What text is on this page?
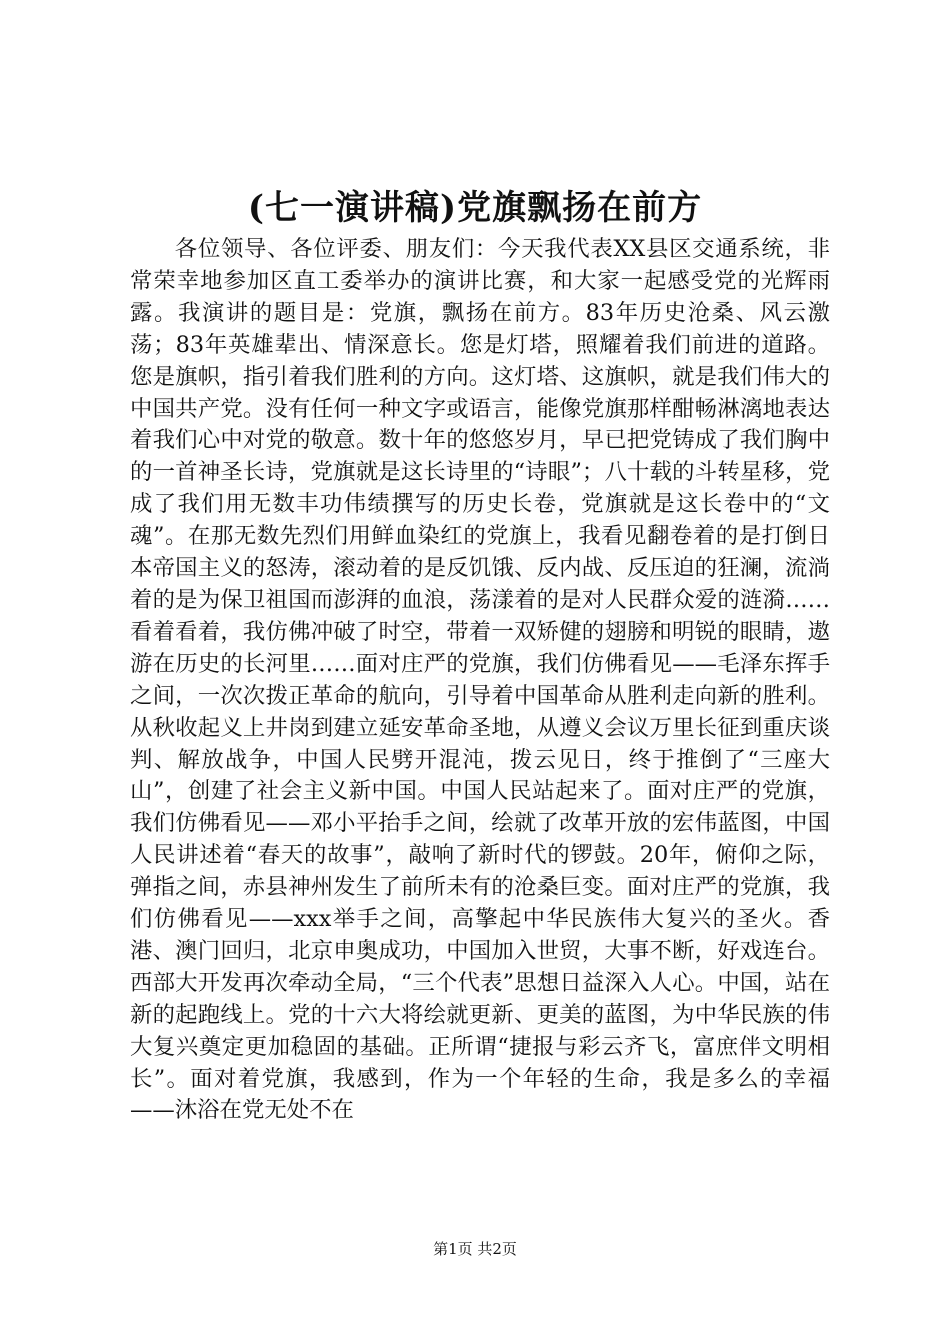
(七一演讲稿)党旗飘扬在前方

各位领导、各位评委、朋友们：今天我代表XX县区交通系统，非常荣幸地参加区直工委举办的演讲比赛，和大家一起感受党的光辉雨露。我演讲的题目是：党旗，飘扬在前方。83年历史沧桑、风云激荡；83年英雄辈出、情深意长。您是灯塔，照耀着我们前进的道路。您是旗帜，指引着我们胜利的方向。这灯塔、这旗帜，就是我们伟大的中国共产党。没有任何一种文字或语言，能像党旗那样酣畅淋漓地表达着我们心中对党的敬意。数十年的悠悠岁月，早已把党铸成了我们胸中的一首神圣长诗，党旗就是这长诗里的“诗眼”；八十载的斗转星移，党成了我们用无数丰功伟绩撰写的历史长卷，党旗就是这长卷中的“文魂”。在那无数先烈们用鲜血染红的党旗上，我看见翻卷着的是打倒日本帝国主义的怒涛，滚动着的是反饥饿、反内战、反压迫的狂澜，流淌着的是为保卫祖国而澎湃的血浪，荡漾着的是对人民群众爱的涟漪……看着看着，我仿佛冲破了时空，带着一双矫健的翅膀和明锐的眼睛，遨游在历史的长河里……面对庄严的党旗，我们仿佛看见——毛泽东挥手之间，一次次拨正革命的航向，引导着中国革命从胜利走向新的胜利。从秋收起义上井岗到建立延安革命圣地，从遵义会议万里长征到重庆谈判、解放战争，中国人民劈开混沌，拨云见日，终于推倒了“三座大山”，创建了社会主义新中国。中国人民站起来了。面对庄严的党旗，我们仿佛看见——邓小平抬手之间，绘就了改革开放的宏伟蓝图，中国人民讲述着“春天的故事”，敲响了新时代的锣鼓。20年，俯仰之际，弹指之间，赤县神州发生了前所未有的沧桑巨变。面对庄严的党旗，我们仿佛看见——xxx举手之间，高擎起中华民族伟大复兴的圣火。香港、澳门回归，北京申奥成功，中国加入世贸，大事不断，好戏连台。西部大开发再次牵动全局，“三个代表”思想日益深入人心。中国，站在新的起跑线上。党的十六大将绘就更新、更美的蓝图，为中华民族的伟大复兴奠定更加稳固的基础。正所谓“捷报与彩云齐飞，富庶伴文明相长”。面对着党旗，我感到，作为一个年轻的生命，我是多么的幸福——沐浴在党无处不在

第1页 共2页
